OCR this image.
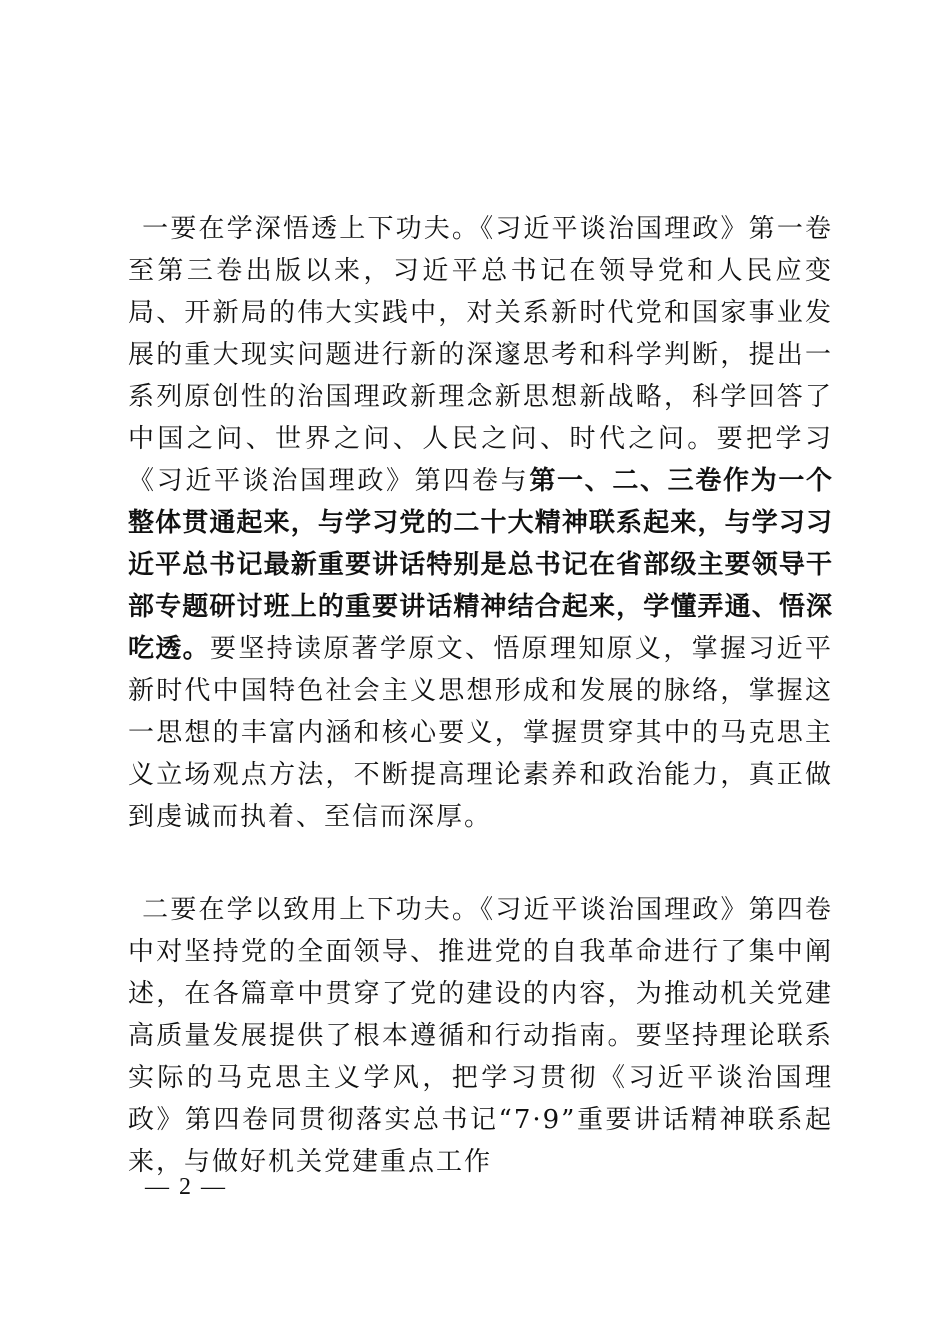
一要在学深悟透上下功夫。《习近平谈治国理政》第一卷至第三卷出版以来，习近平总书记在领导党和人民应变局、开新局的伟大实践中，对关系新时代党和国家事业发展的重大现实问题进行新的深邃思考和科学判断，提出一系列原创性的治国理政新理念新思想新战略，科学回答了中国之问、世界之问、人民之问、时代之问。要把学习《习近平谈治国理政》第四卷与第一、二、三卷作为一个整体贯通起来，与学习党的二十大精神联系起来，与学习习近平总书记最新重要讲话特别是总书记在省部级主要领导干部专题研讨班上的重要讲话精神结合起来，学懂弄通、悟深吃透。要坚持读原著学原文、悟原理知原义，掌握习近平新时代中国特色社会主义思想形成和发展的脉络，掌握这一思想的丰富内涵和核心要义，掌握贯穿其中的马克思主义立场观点方法，不断提高理论素养和政治能力，真正做到虔诚而执着、至信而深厚。

二要在学以致用上下功夫。《习近平谈治国理政》第四卷中对坚持党的全面领导、推进党的自我革命进行了集中阐述，在各篇章中贯穿了党的建设的内容，为推动机关党建高质量发展提供了根本遵循和行动指南。要坚持理论联系实际的马克思主义学风，把学习贯彻《习近平谈治国理政》第四卷同贯彻落实总书记“7·9”重要讲话精神联系起来，与做好机关党建重点工作

— 2 —
